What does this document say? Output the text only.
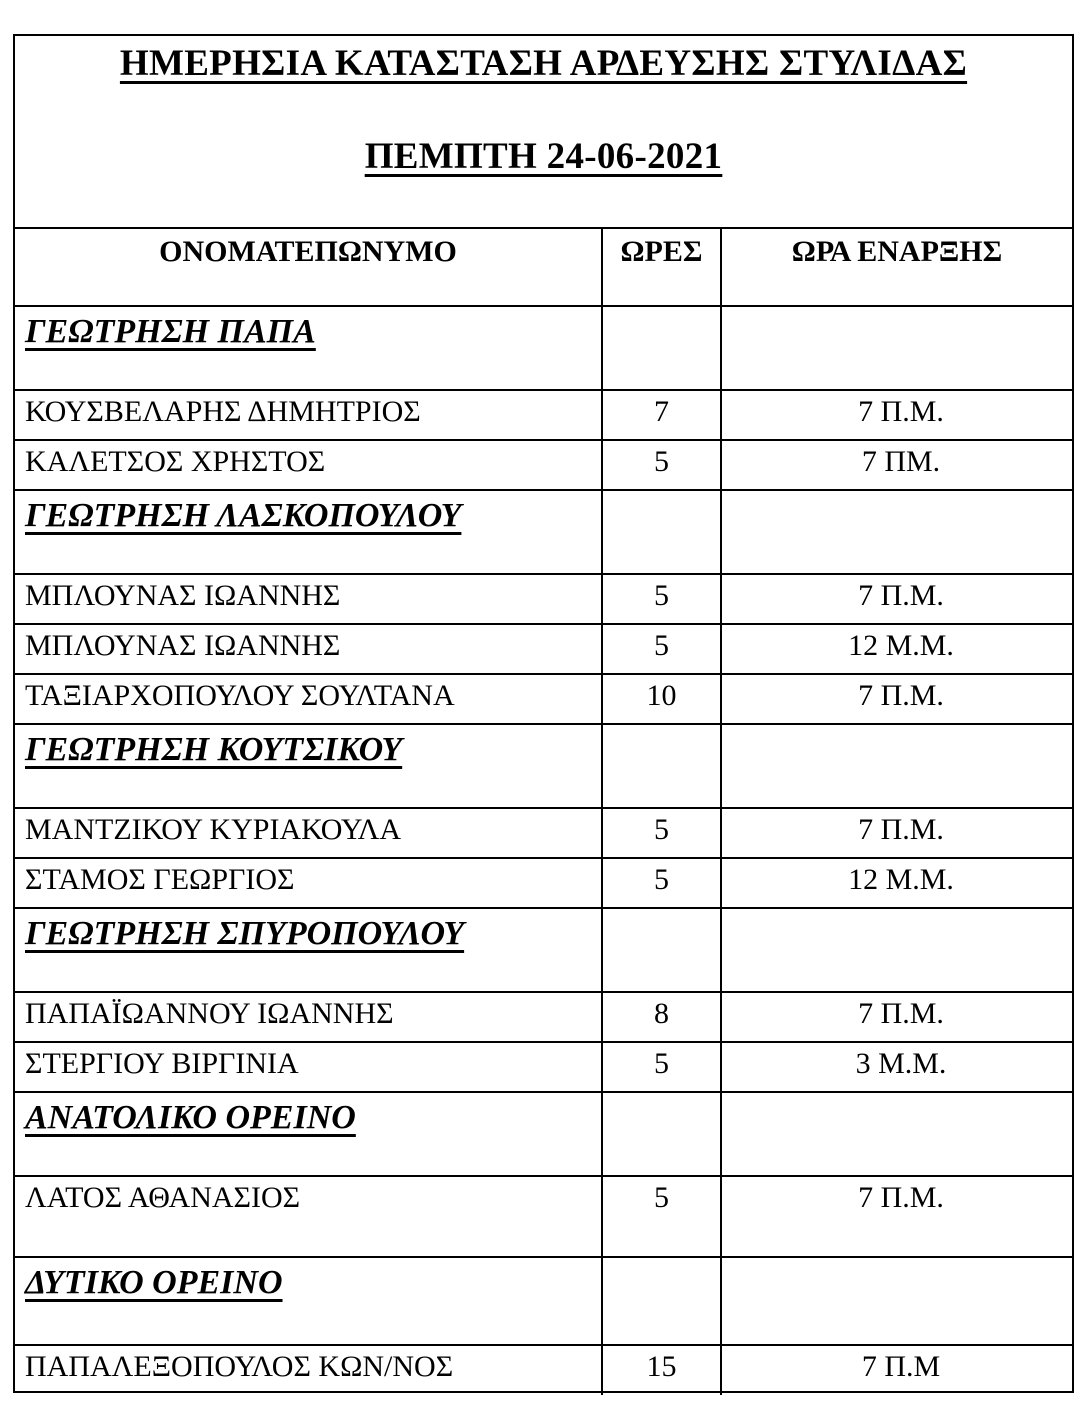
ΗΜΕΡΗΣΙΑ ΚΑΤΑΣΤΑΣΗ ΑΡΔΕΥΣΗΣ ΣΤΥΛΙΔΑΣ
ΠΕΜΠΤΗ 24-06-2021
ΟΝΟΜΑΤΕΠΩΝΥΜΟ	ΩΡΕΣ	ΩΡΑ ΕΝΑΡΞΗΣ
ΓΕΩΤΡΗΣΗ ΠΑΠΑ		
ΚΟΥΣΒΕΛΑΡΗΣ ΔΗΜΗΤΡΙΟΣ	7	7 Π.Μ.
ΚΑΛΕΤΣΟΣ ΧΡΗΣΤΟΣ	5	7 ΠΜ.
ΓΕΩΤΡΗΣΗ ΛΑΣΚΟΠΟΥΛΟΥ		
ΜΠΛΟΥΝΑΣ ΙΩΑΝΝΗΣ	5	7 Π.Μ.
ΜΠΛΟΥΝΑΣ ΙΩΑΝΝΗΣ	5	12 Μ.Μ.
ΤΑΞΙΑΡΧΟΠΟΥΛΟΥ ΣΟΥΛΤΑΝΑ	10	7 Π.Μ.
ΓΕΩΤΡΗΣΗ ΚΟΥΤΣΙΚΟΥ		
ΜΑΝΤΖΙΚΟΥ ΚΥΡΙΑΚΟΥΛΑ	5	7 Π.Μ.
ΣΤΑΜΟΣ ΓΕΩΡΓΙΟΣ	5	12 Μ.Μ.
ΓΕΩΤΡΗΣΗ ΣΠΥΡΟΠΟΥΛΟΥ		
ΠΑΠΑΪΩΑΝΝΟΥ ΙΩΑΝΝΗΣ	8	7 Π.Μ.
ΣΤΕΡΓΙΟΥ ΒΙΡΓΙΝΙΑ	5	3 Μ.Μ.
ΑΝΑΤΟΛΙΚΟ ΟΡΕΙΝΟ		
ΛΑΤΟΣ ΑΘΑΝΑΣΙΟΣ	5	7 Π.Μ.
ΔΥΤΙΚΟ ΟΡΕΙΝΟ		
ΠΑΠΑΛΕΞΟΠΟΥΛΟΣ ΚΩΝ/ΝΟΣ	15	7 Π.Μ
